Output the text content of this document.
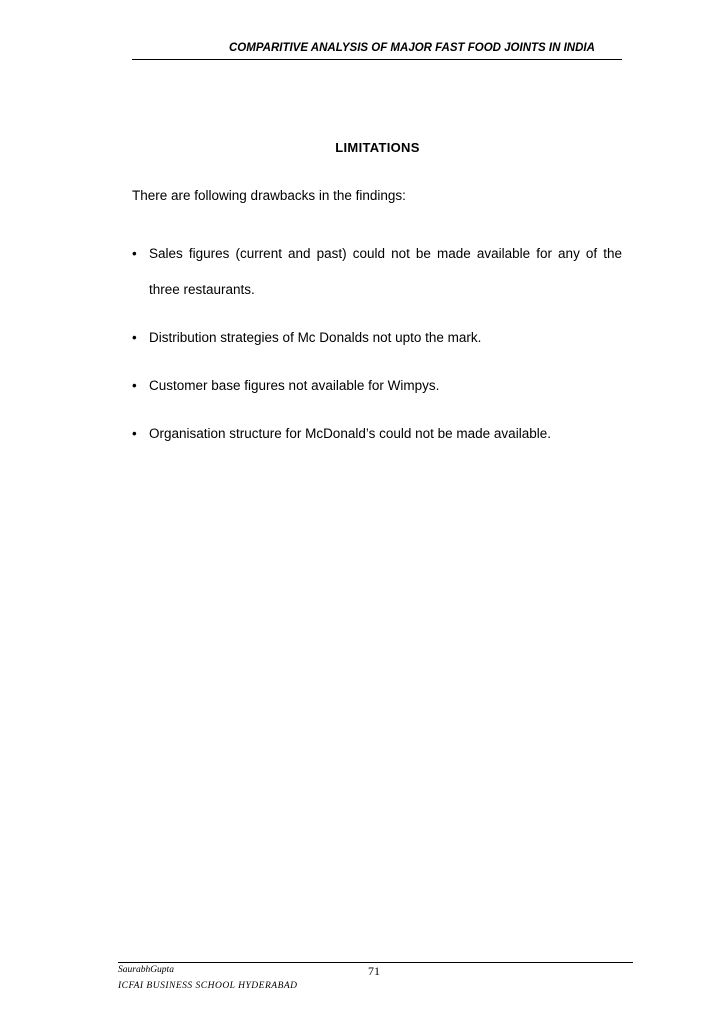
COMPARITIVE ANALYSIS OF MAJOR FAST FOOD JOINTS IN INDIA
LIMITATIONS
There are following drawbacks in the findings:
• Sales figures (current and past) could not be made available for any of the three restaurants.
• Distribution strategies of Mc Donalds not upto the mark.
• Customer base figures not available for Wimpys.
• Organisation structure for McDonald’s could not be made available.
SaurabhGupta	71
ICFAI BUSINESS SCHOOL HYDERABAD
